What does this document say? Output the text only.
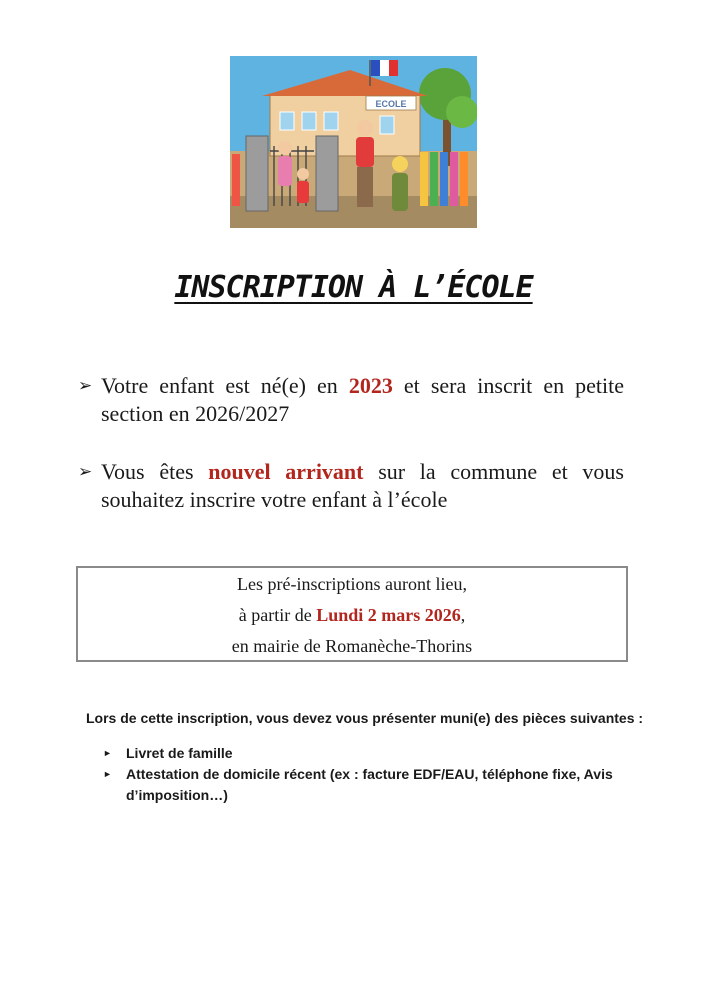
ECOLE
INSCRIPTION À L’ÉCOLE
➢ Votre enfant est né(e) en 2023 et sera inscrit en petite section en 2026/2027
➢ Vous êtes nouvel arrivant sur la commune et vous souhaitez inscrire votre enfant à l’école
Les pré-inscriptions auront lieu,
à partir de Lundi 2 mars 2026,
en mairie de Romanèche-Thorins
Lors de cette inscription, vous devez vous présenter muni(e) des pièces suivantes :
► Livret de famille
► Attestation de domicile récent (ex : facture EDF/EAU, téléphone fixe, Avis d’imposition…)
